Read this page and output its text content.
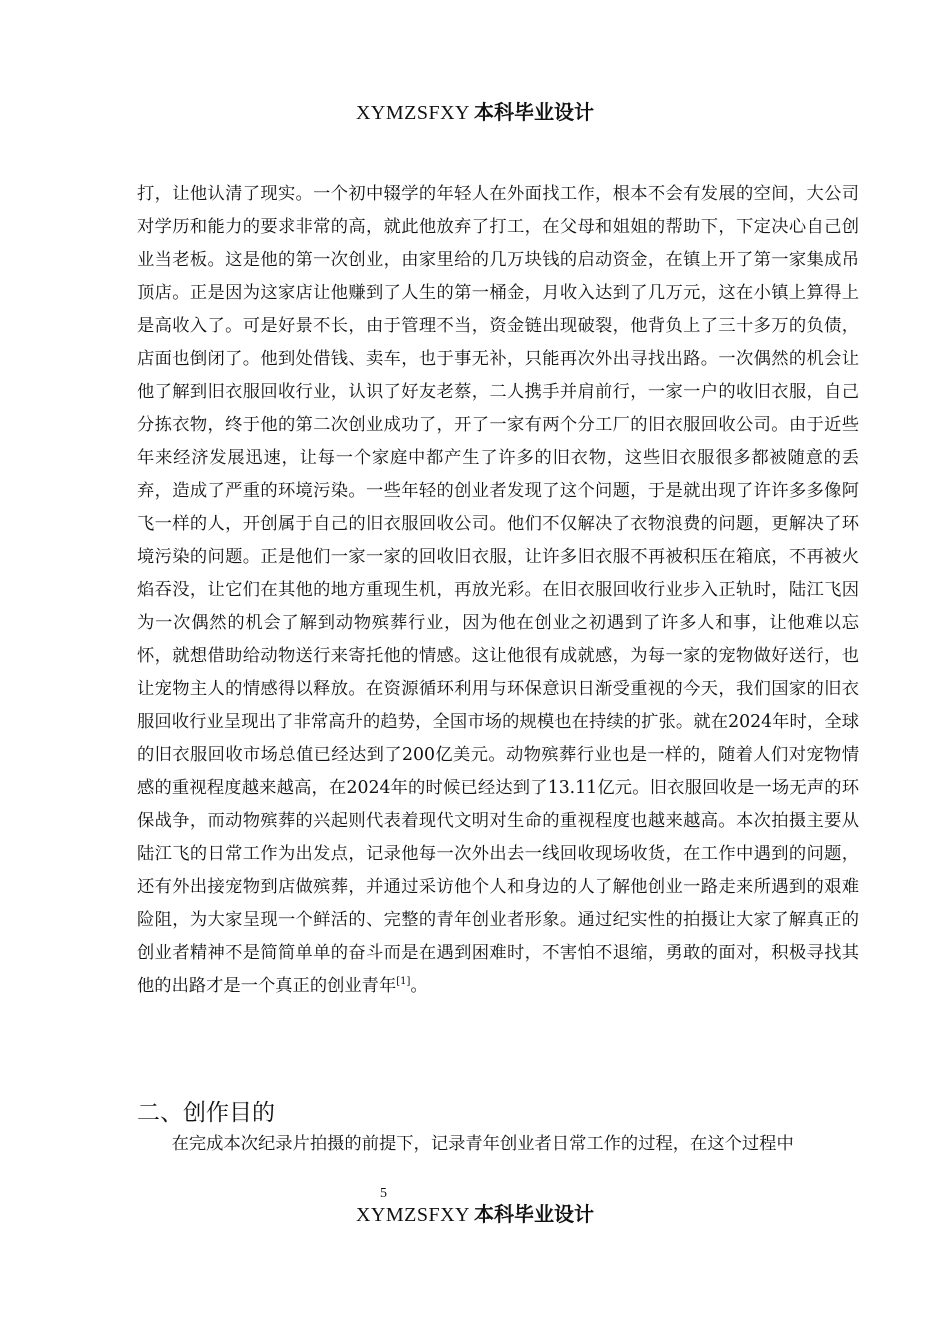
XYMZSFXY 本科毕业设计

打，让他认清了现实。一个初中辍学的年轻人在外面找工作，根本不会有发展的空间，大公司对学历和能力的要求非常的高，就此他放弃了打工，在父母和姐姐的帮助下，下定决心自己创业当老板。这是他的第一次创业，由家里给的几万块钱的启动资金，在镇上开了第一家集成吊顶店。正是因为这家店让他赚到了人生的第一桶金，月收入达到了几万元，这在小镇上算得上是高收入了。可是好景不长，由于管理不当，资金链出现破裂，他背负上了三十多万的负债，店面也倒闭了。他到处借钱、卖车，也于事无补，只能再次外出寻找出路。一次偶然的机会让他了解到旧衣服回收行业，认识了好友老蔡，二人携手并肩前行，一家一户的收旧衣服，自己分拣衣物，终于他的第二次创业成功了，开了一家有两个分工厂的旧衣服回收公司。由于近些年来经济发展迅速，让每一个家庭中都产生了许多的旧衣物，这些旧衣服很多都被随意的丢弃，造成了严重的环境污染。一些年轻的创业者发现了这个问题，于是就出现了许许多多像阿飞一样的人，开创属于自己的旧衣服回收公司。他们不仅解决了衣物浪费的问题，更解决了环境污染的问题。正是他们一家一家的回收旧衣服，让许多旧衣服不再被积压在箱底，不再被火焰吞没，让它们在其他的地方重现生机，再放光彩。在旧衣服回收行业步入正轨时，陆江飞因为一次偶然的机会了解到动物殡葬行业，因为他在创业之初遇到了许多人和事，让他难以忘怀，就想借助给动物送行来寄托他的情感。这让他很有成就感，为每一家的宠物做好送行，也让宠物主人的情感得以释放。在资源循环利用与环保意识日渐受重视的今天，我们国家的旧衣服回收行业呈现出了非常高升的趋势，全国市场的规模也在持续的扩张。就在2024年时，全球的旧衣服回收市场总值已经达到了200亿美元。动物殡葬行业也是一样的，随着人们对宠物情感的重视程度越来越高，在2024年的时候已经达到了13.11亿元。旧衣服回收是一场无声的环保战争，而动物殡葬的兴起则代表着现代文明对生命的重视程度也越来越高。本次拍摄主要从陆江飞的日常工作为出发点，记录他每一次外出去一线回收现场收货，在工作中遇到的问题，还有外出接宠物到店做殡葬，并通过采访他个人和身边的人了解他创业一路走来所遇到的艰难险阻，为大家呈现一个鲜活的、完整的青年创业者形象。通过纪实性的拍摄让大家了解真正的创业者精神不是简简单单的奋斗而是在遇到困难时，不害怕不退缩，勇敢的面对，积极寻找其他的出路才是一个真正的创业青年[1]。

二、创作目的

在完成本次纪录片拍摄的前提下，记录青年创业者日常工作的过程，在这个过程中

5
XYMZSFXY 本科毕业设计
